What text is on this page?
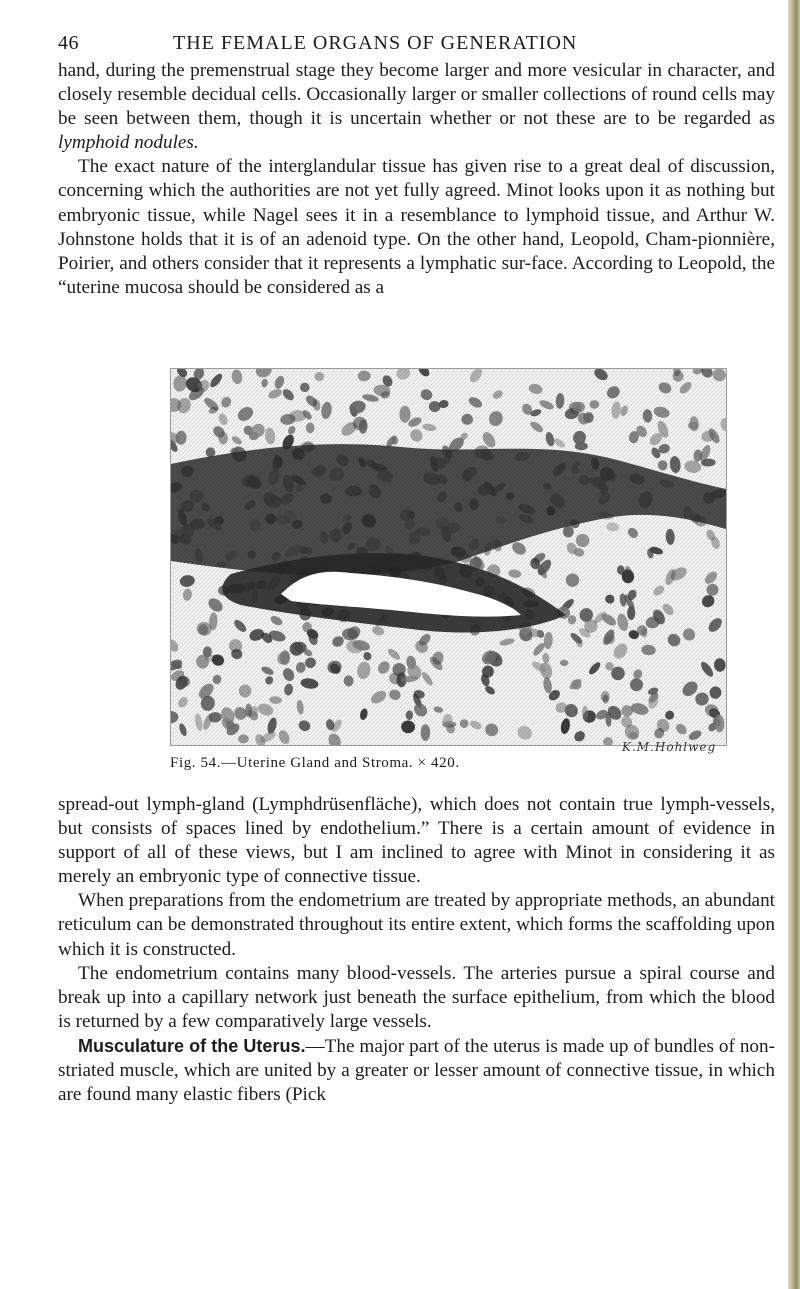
46	THE FEMALE ORGANS OF GENERATION

hand, during the premenstrual stage they become larger and more vesicular in character, and closely resemble decidual cells. Occasionally larger or smaller collections of round cells may be seen between them, though it is uncertain whether or not these are to be regarded as lymphoid nodules.

The exact nature of the interglandular tissue has given rise to a great deal of discussion, concerning which the authorities are not yet fully agreed. Minot looks upon it as nothing but embryonic tissue, while Nagel sees it in a resemblance to lymphoid tissue, and Arthur W. Johnstone holds that it is of an adenoid type. On the other hand, Leopold, Cham-pionnière, Poirier, and others consider that it represents a lymphatic sur-face. According to Leopold, the “uterine mucosa should be considered as a

K.M.Hohlweg
Fig. 54.—Uterine Gland and Stroma. × 420.

spread-out lymph-gland (Lymphdrüsenfläche), which does not contain true lymph-vessels, but consists of spaces lined by endothelium.” There is a certain amount of evidence in support of all of these views, but I am inclined to agree with Minot in considering it as merely an embryonic type of connective tissue.

When preparations from the endometrium are treated by appropriate methods, an abundant reticulum can be demonstrated throughout its entire extent, which forms the scaffolding upon which it is constructed.

The endometrium contains many blood-vessels. The arteries pursue a spiral course and break up into a capillary network just beneath the surface epithelium, from which the blood is returned by a few comparatively large vessels.

Musculature of the Uterus.—The major part of the uterus is made up of bundles of non-striated muscle, which are united by a greater or lesser amount of connective tissue, in which are found many elastic fibers (Pick
